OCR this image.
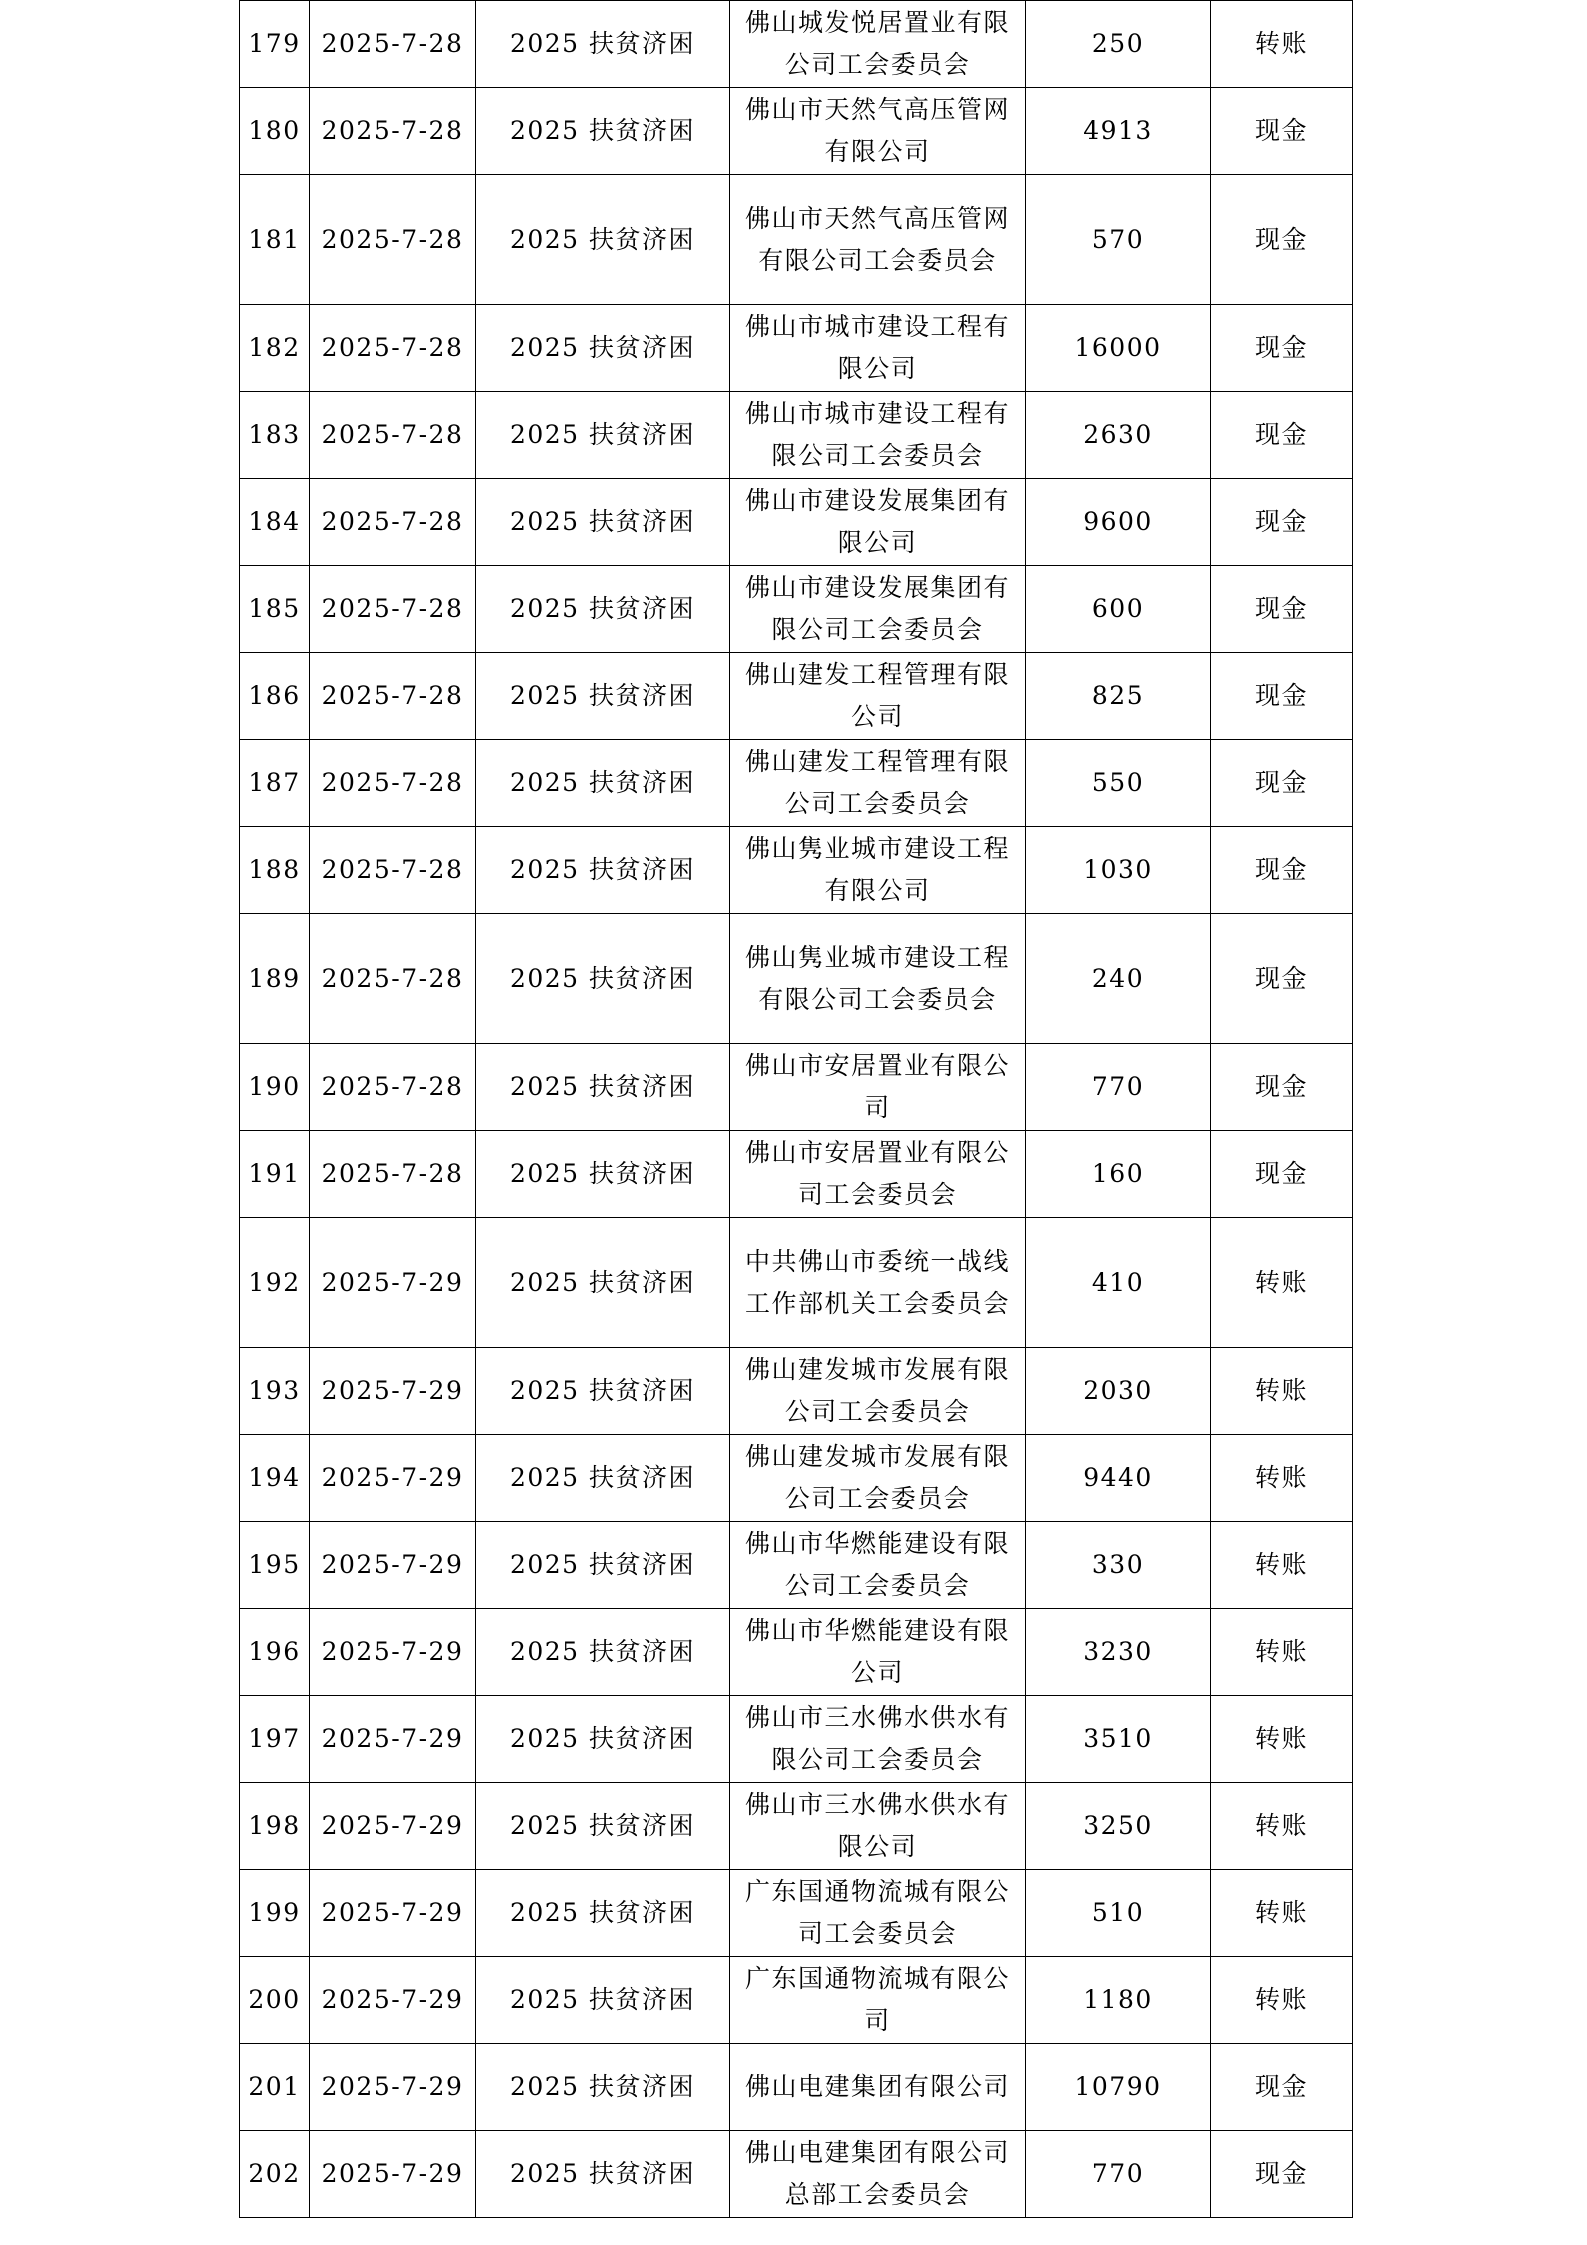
179	2025-7-28	2025 扶贫济困	佛山城发悦居置业有限公司工会委员会	250	转账
180	2025-7-28	2025 扶贫济困	佛山市天然气高压管网有限公司	4913	现金
181	2025-7-28	2025 扶贫济困	佛山市天然气高压管网有限公司工会委员会	570	现金
182	2025-7-28	2025 扶贫济困	佛山市城市建设工程有限公司	16000	现金
183	2025-7-28	2025 扶贫济困	佛山市城市建设工程有限公司工会委员会	2630	现金
184	2025-7-28	2025 扶贫济困	佛山市建设发展集团有限公司	9600	现金
185	2025-7-28	2025 扶贫济困	佛山市建设发展集团有限公司工会委员会	600	现金
186	2025-7-28	2025 扶贫济困	佛山建发工程管理有限公司	825	现金
187	2025-7-28	2025 扶贫济困	佛山建发工程管理有限公司工会委员会	550	现金
188	2025-7-28	2025 扶贫济困	佛山隽业城市建设工程有限公司	1030	现金
189	2025-7-28	2025 扶贫济困	佛山隽业城市建设工程有限公司工会委员会	240	现金
190	2025-7-28	2025 扶贫济困	佛山市安居置业有限公司	770	现金
191	2025-7-28	2025 扶贫济困	佛山市安居置业有限公司工会委员会	160	现金
192	2025-7-29	2025 扶贫济困	中共佛山市委统一战线工作部机关工会委员会	410	转账
193	2025-7-29	2025 扶贫济困	佛山建发城市发展有限公司工会委员会	2030	转账
194	2025-7-29	2025 扶贫济困	佛山建发城市发展有限公司工会委员会	9440	转账
195	2025-7-29	2025 扶贫济困	佛山市华燃能建设有限公司工会委员会	330	转账
196	2025-7-29	2025 扶贫济困	佛山市华燃能建设有限公司	3230	转账
197	2025-7-29	2025 扶贫济困	佛山市三水佛水供水有限公司工会委员会	3510	转账
198	2025-7-29	2025 扶贫济困	佛山市三水佛水供水有限公司	3250	转账
199	2025-7-29	2025 扶贫济困	广东国通物流城有限公司工会委员会	510	转账
200	2025-7-29	2025 扶贫济困	广东国通物流城有限公司	1180	转账
201	2025-7-29	2025 扶贫济困	佛山电建集团有限公司	10790	现金
202	2025-7-29	2025 扶贫济困	佛山电建集团有限公司总部工会委员会	770	现金
